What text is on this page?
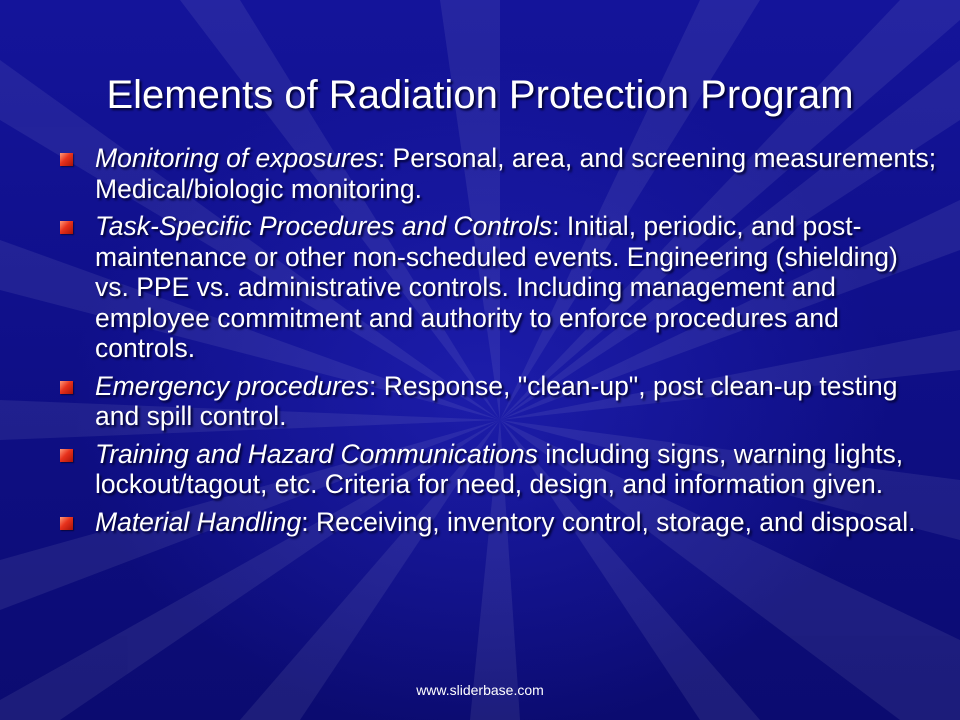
Elements of Radiation Protection Program
Monitoring of exposures: Personal, area, and screening measurements; Medical/biologic monitoring.
Task-Specific Procedures and Controls: Initial, periodic, and post-maintenance or other non-scheduled events. Engineering (shielding) vs. PPE vs. administrative controls. Including management and employee commitment and authority to enforce procedures and controls.
Emergency procedures: Response, "clean-up", post clean-up testing and spill control.
Training and Hazard Communications including signs, warning lights, lockout/tagout, etc. Criteria for need, design, and information given.
Material Handling: Receiving, inventory control, storage, and disposal.
www.sliderbase.com
